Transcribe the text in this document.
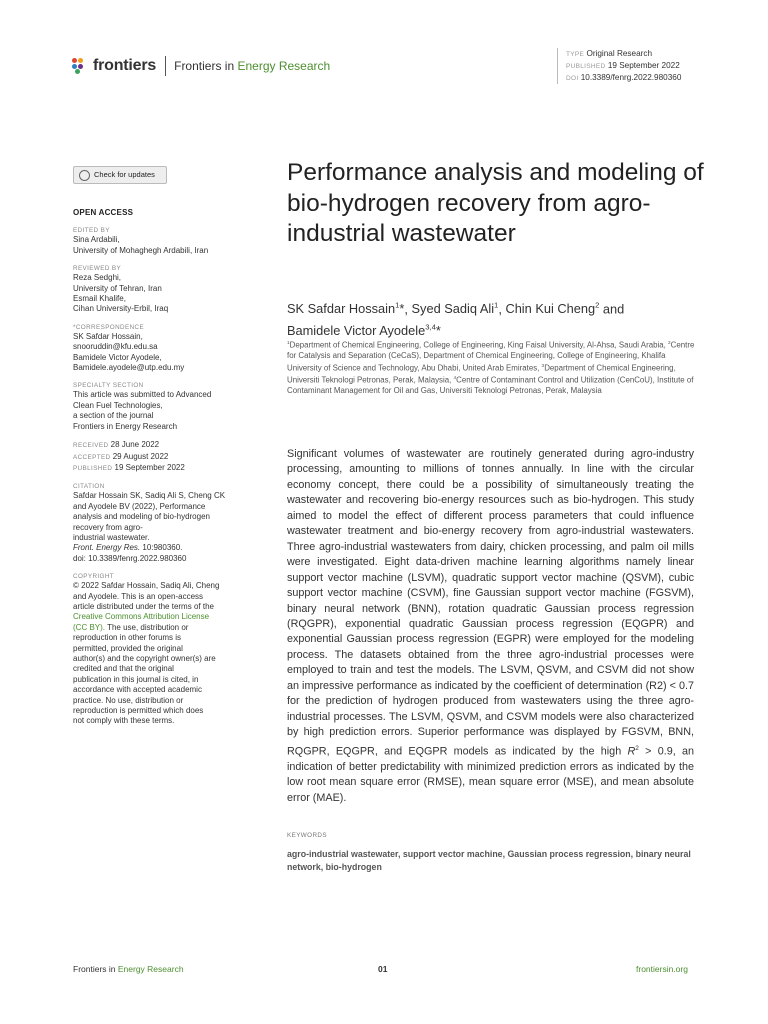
frontiers Frontiers in Energy Research
TYPE Original Research
PUBLISHED 19 September 2022
DOI 10.3389/fenrg.2022.980360
Check for updates
OPEN ACCESS
EDITED BY
Sina Ardabili,
University of Mohaghegh Ardabili, Iran
REVIEWED BY
Reza Sedghi,
University of Tehran, Iran
Esmail Khalife,
Cihan University-Erbil, Iraq
*CORRESPONDENCE
SK Safdar Hossain,
snooruddin@kfu.edu.sa
Bamidele Victor Ayodele,
Bamidele.ayodele@utp.edu.my
SPECIALTY SECTION
This article was submitted to Advanced
Clean Fuel Technologies,
a section of the journal
Frontiers in Energy Research
RECEIVED 28 June 2022
ACCEPTED 29 August 2022
PUBLISHED 19 September 2022
CITATION
Safdar Hossain SK, Sadiq Ali S, Cheng CK
and Ayodele BV (2022), Performance
analysis and modeling of bio-hydrogen
recovery from agro-
industrial wastewater.
Front. Energy Res. 10:980360.
doi: 10.3389/fenrg.2022.980360
COPYRIGHT
© 2022 Safdar Hossain, Sadiq Ali, Cheng
and Ayodele. This is an open-access
article distributed under the terms of the
Creative Commons Attribution License
(CC BY). The use, distribution or
reproduction in other forums is
permitted, provided the original
author(s) and the copyright owner(s) are
credited and that the original
publication in this journal is cited, in
accordance with accepted academic
practice. No use, distribution or
reproduction is permitted which does
not comply with these terms.
Performance analysis and modeling of bio-hydrogen recovery from agro-industrial wastewater
SK Safdar Hossain$^1$*, Syed Sadiq Ali$^1$, Chin Kui Cheng$^2$ and
Bamidele Victor Ayodele$^{3,4}$*
$^1$Department of Chemical Engineering, College of Engineering, King Faisal University, Al-Ahsa, Saudi Arabia, $^2$Centre for Catalysis and Separation (CeCaS), Department of Chemical Engineering, College of Engineering, Khalifa University of Science and Technology, Abu Dhabi, United Arab Emirates, $^3$Department of Chemical Engineering, Universiti Teknologi Petronas, Perak, Malaysia, $^4$Centre of Contaminant Control and Utilization (CenCoU), Institute of Contaminant Management for Oil and Gas, Universiti Teknologi Petronas, Perak, Malaysia
Significant volumes of wastewater are routinely generated during agro-industry processing, amounting to millions of tonnes annually. In line with the circular economy concept, there could be a possibility of simultaneously treating the wastewater and recovering bio-energy resources such as bio-hydrogen. This study aimed to model the effect of different process parameters that could influence wastewater treatment and bio-energy recovery from agro-industrial wastewaters. Three agro-industrial wastewaters from dairy, chicken processing, and palm oil mills were investigated. Eight data-driven machine learning algorithms namely linear support vector machine (LSVM), quadratic support vector machine (QSVM), cubic support vector machine (CSVM), fine Gaussian support vector machine (FGSVM), binary neural network (BNN), rotation quadratic Gaussian process regression (RQGPR), exponential quadratic Gaussian process regression (EQGPR) and exponential Gaussian process regression (EGPR) were employed for the modeling process. The datasets obtained from the three agro-industrial processes were employed to train and test the models. The LSVM, QSVM, and CSVM did not show an impressive performance as indicated by the coefficient of determination (R2) < 0.7 for the prediction of hydrogen produced from wastewaters using the three agro-industrial processes. The LSVM, QSVM, and CSVM models were also characterized by high prediction errors. Superior performance was displayed by FGSVM, BNN, RQGPR, EQGPR, and EQGPR models as indicated by the high $R^2 > 0.9$, an indication of better predictability with minimized prediction errors as indicated by the low root mean square error (RMSE), mean square error (MSE), and mean absolute error (MAE).
KEYWORDS
agro-industrial wastewater, support vector machine, Gaussian process regression, binary neural network, bio-hydrogen
Frontiers in Energy Research	01	frontiersin.org
